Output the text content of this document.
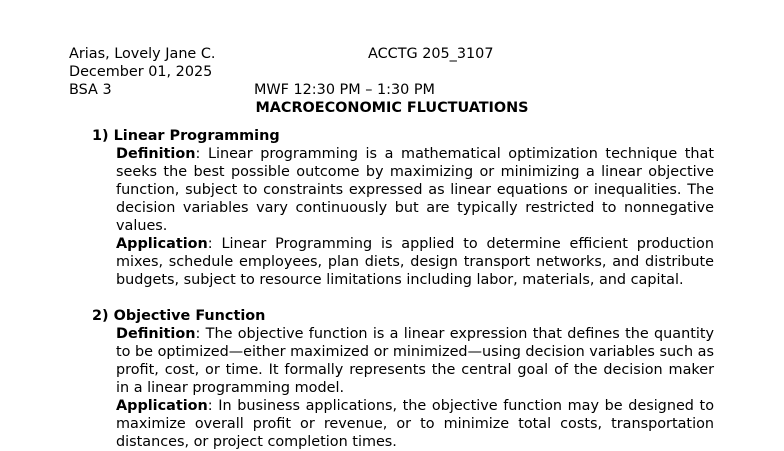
Arias, Lovely Jane C.	ACCTG 205_3107
December 01, 2025
BSA 3	MWF 12:30 PM – 1:30 PM
MACROECONOMIC FLUCTUATIONS
1) Linear Programming
Definition: Linear programming is a mathematical optimization technique that seeks the best possible outcome by maximizing or minimizing a linear objective function, subject to constraints expressed as linear equations or inequalities. The decision variables vary continuously but are typically restricted to nonnegative values.
Application: Linear Programming is applied to determine efficient production mixes, schedule employees, plan diets, design transport networks, and distribute budgets, subject to resource limitations including labor, materials, and capital.
2) Objective Function
Definition: The objective function is a linear expression that defines the quantity to be optimized—either maximized or minimized—using decision variables such as profit, cost, or time. It formally represents the central goal of the decision maker in a linear programming model.
Application: In business applications, the objective function may be designed to maximize overall profit or revenue, or to minimize total costs, transportation distances, or project completion times.
